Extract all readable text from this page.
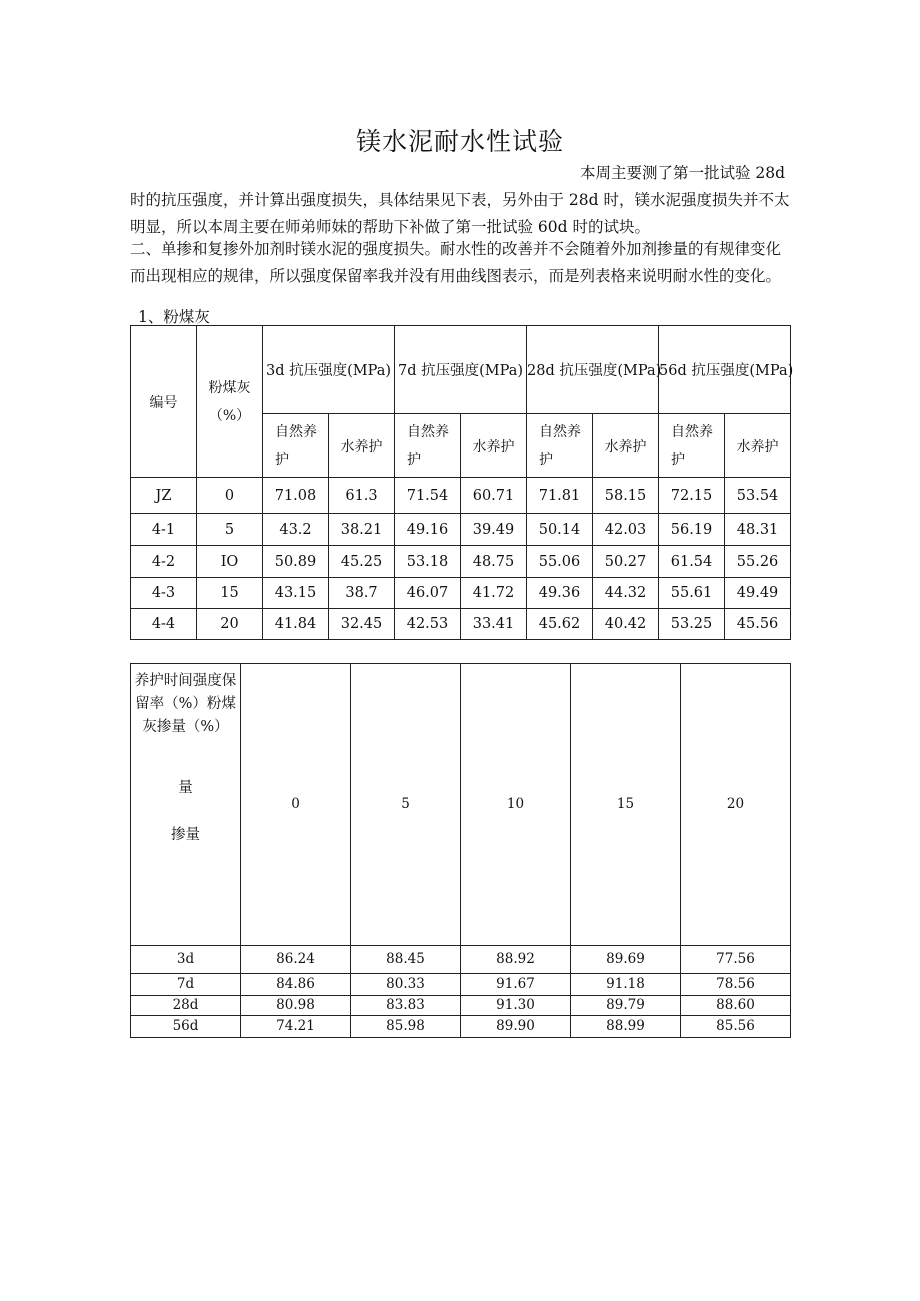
镁水泥耐水性试验

本周主要测了第一批试验 28d
时的抗压强度，并计算出强度损失，具体结果见下表，另外由于 28d 时，镁水泥强度损失并不太明显，所以本周主要在师弟师妹的帮助下补做了第一批试验 60d 时的试块。

二、单掺和复掺外加剂时镁水泥的强度损失。耐水性的改善并不会随着外加剂掺量的有规律变化而出现相应的规律，所以强度保留率我并没有用曲线图表示，而是列表格来说明耐水性的变化。

1、粉煤灰
编号	粉煤灰（%）	3d 抗压强度(MPa)		7d 抗压强度(MPa)		28d 抗压强度(MPa)		56d 抗压强度(MPa)	

		自然养护	水养护	自然养护	水养护	自然养护	水养护	自然养护	水养护
JZ	0	71.08	61.3	71.54	60.71	71.81	58.15	72.15	53.54
4-1	5	43.2	38.21	49.16	39.49	50.14	42.03	56.19	48.31
4-2	IO	50.89	45.25	53.18	48.75	55.06	50.27	61.54	55.26
4-3	15	43.15	38.7	46.07	41.72	49.36	44.32	55.61	49.49
4-4	20	41.84	32.45	42.53	33.41	45.62	40.42	53.25	45.56
养护时间强度保留率（%）粉煤灰掺量（%）
量
掺量	0	5	10	15	20
3d	86.24	88.45	88.92	89.69	77.56
7d	84.86	80.33	91.67	91.18	78.56
28d	80.98	83.83	91.30	89.79	88.60
56d	74.21	85.98	89.90	88.99	85.56
